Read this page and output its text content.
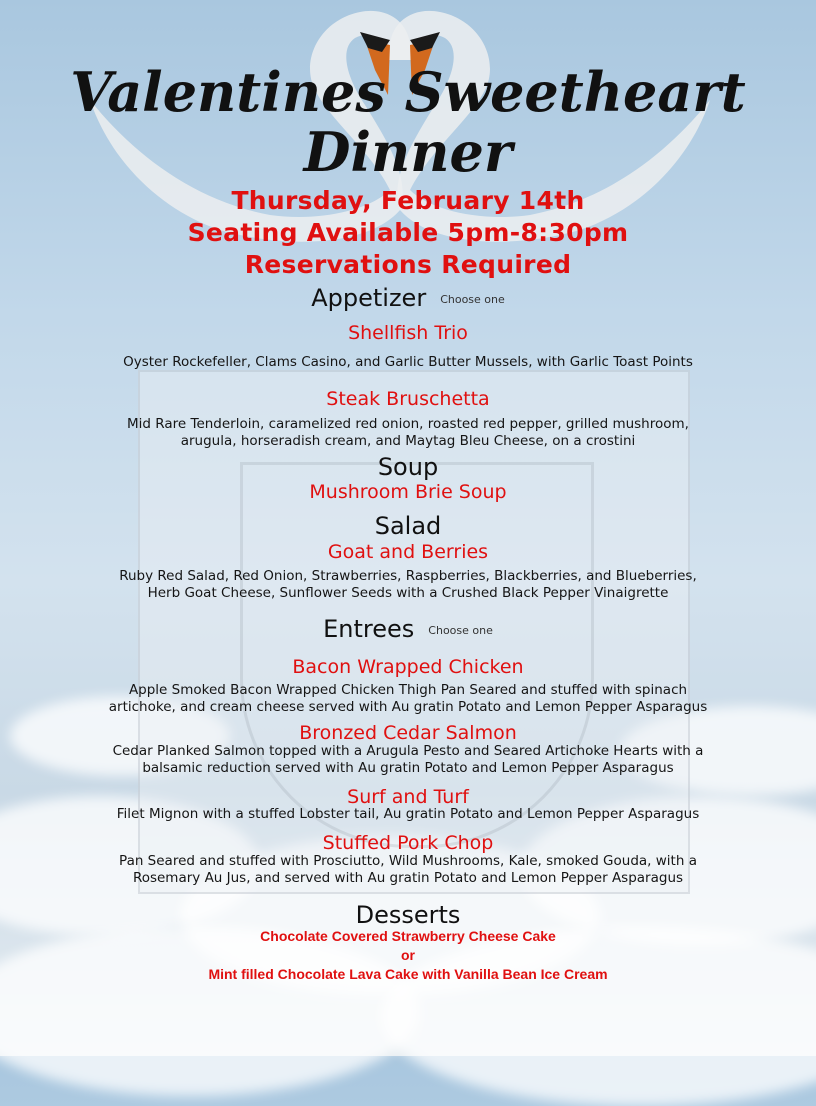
Valentines Sweetheart
Dinner

Thursday, February 14th

Seating Available 5pm-8:30pm

Reservations Required

Appetizer Choose one

Shellfish Trio

Oyster Rockefeller, Clams Casino, and Garlic Butter Mussels, with Garlic Toast Points

Steak Bruschetta

Mid Rare Tenderloin, caramelized red onion, roasted red pepper, grilled mushroom,

arugula, horseradish cream, and Maytag Bleu Cheese, on a crostini

Soup

Mushroom Brie Soup

Salad

Goat and Berries

Ruby Red Salad, Red Onion, Strawberries, Raspberries, Blackberries, and Blueberries,

Herb Goat Cheese, Sunflower Seeds with a Crushed Black Pepper Vinaigrette

Entrees Choose one

Bacon Wrapped Chicken

Apple Smoked Bacon Wrapped Chicken Thigh Pan Seared and stuffed with spinach

artichoke, and cream cheese served with Au gratin Potato and Lemon Pepper Asparagus

Bronzed Cedar Salmon

Cedar Planked Salmon topped with a Arugula Pesto and Seared Artichoke Hearts with a

balsamic reduction served with Au gratin Potato and Lemon Pepper Asparagus

Surf and Turf

Filet Mignon with a stuffed Lobster tail, Au gratin Potato and Lemon Pepper Asparagus

Stuffed Pork Chop

Pan Seared and stuffed with Prosciutto, Wild Mushrooms, Kale, smoked Gouda, with a

Rosemary Au Jus, and served with Au gratin Potato and Lemon Pepper Asparagus

Desserts

Chocolate Covered Strawberry Cheese Cake

or

Mint filled Chocolate Lava Cake with Vanilla Bean Ice Cream
